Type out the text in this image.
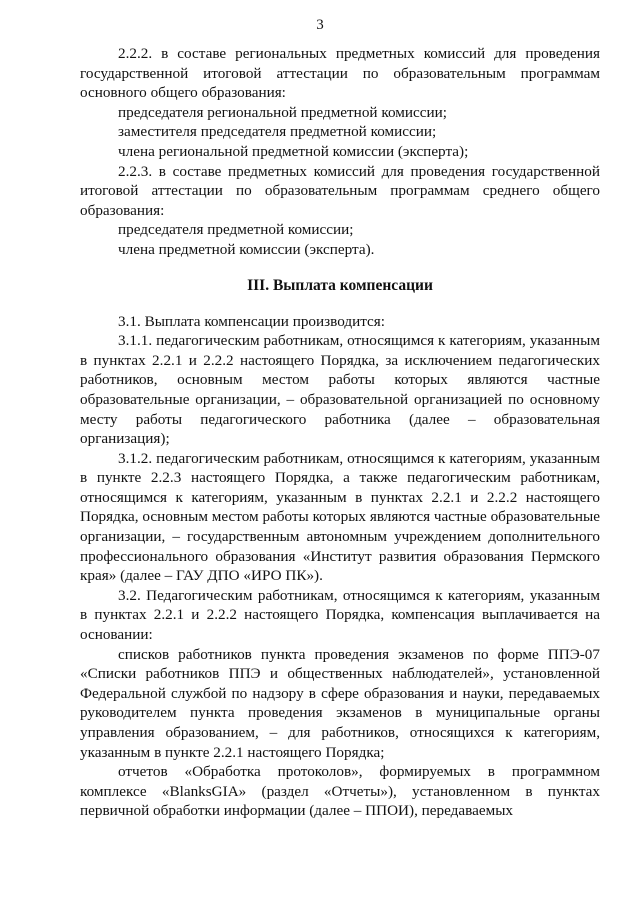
3

2.2.2. в составе региональных предметных комиссий для проведения государственной итоговой аттестации по образовательным программам основного общего образования:

председателя региональной предметной комиссии;

заместителя председателя предметной комиссии;

члена региональной предметной комиссии (эксперта);

2.2.3. в составе предметных комиссий для проведения государственной итоговой аттестации по образовательным программам среднего общего образования:

председателя предметной комиссии;

члена предметной комиссии (эксперта).

III. Выплата компенсации

3.1. Выплата компенсации производится:

3.1.1. педагогическим работникам, относящимся к категориям, указанным в пунктах 2.2.1 и 2.2.2 настоящего Порядка, за исключением педагогических работников, основным местом работы которых являются частные образовательные организации, – образовательной организацией по основному месту работы педагогического работника (далее – образовательная организация);

3.1.2. педагогическим работникам, относящимся к категориям, указанным в пункте 2.2.3 настоящего Порядка, а также педагогическим работникам, относящимся к категориям, указанным в пунктах 2.2.1 и 2.2.2 настоящего Порядка, основным местом работы которых являются частные образовательные организации, – государственным автономным учреждением дополнительного профессионального образования «Институт развития образования Пермского края» (далее – ГАУ ДПО «ИРО ПК»).

3.2. Педагогическим работникам, относящимся к категориям, указанным в пунктах 2.2.1 и 2.2.2 настоящего Порядка, компенсация выплачивается на основании:

списков работников пункта проведения экзаменов по форме ППЭ-07 «Списки работников ППЭ и общественных наблюдателей», установленной Федеральной службой по надзору в сфере образования и науки, передаваемых руководителем пункта проведения экзаменов в муниципальные органы управления образованием, – для работников, относящихся к категориям, указанным в пункте 2.2.1 настоящего Порядка;

отчетов «Обработка протоколов», формируемых в программном комплексе «BlanksGIA» (раздел «Отчеты»), установленном в пунктах первичной обработки информации (далее – ППОИ), передаваемых
